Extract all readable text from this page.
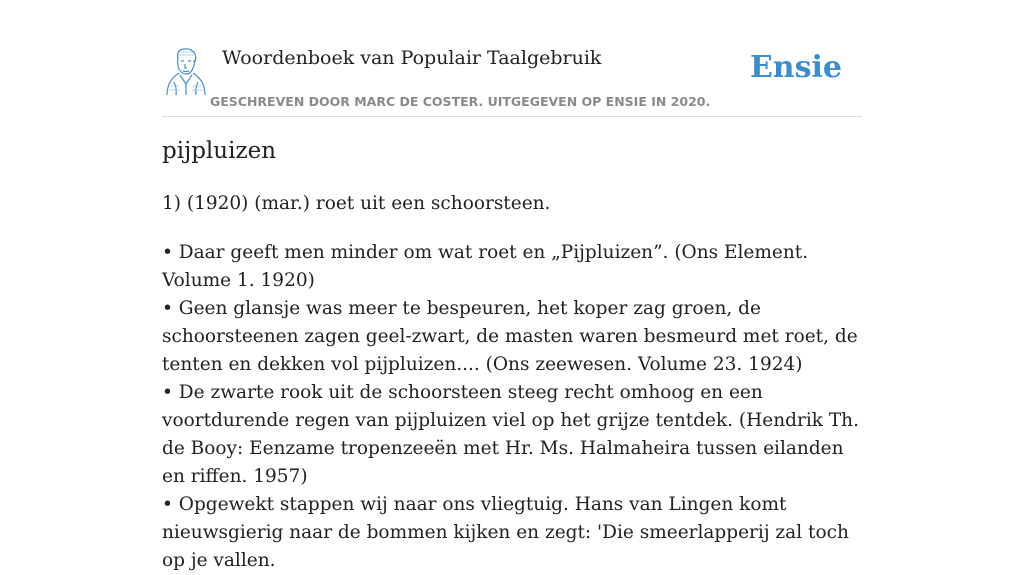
Woordenboek van Populair Taalgebruik
GESCHREVEN DOOR MARC DE COSTER. UITGEGEVEN OP ENSIE IN 2020.
Ensie
pijpluizen

1) (1920) (mar.) roet uit een schoorsteen.

• Daar geeft men minder om wat roet en „Pijpluizen”. (Ons Element. Volume 1. 1920)
• Geen glansje was meer te bespeuren, het koper zag groen, de schoorsteenen zagen geel-zwart, de masten waren besmeurd met roet, de tenten en dekken vol pijpluizen.... (Ons zeewesen. Volume 23. 1924)
• De zwarte rook uit de schoorsteen steeg recht omhoog en een voortdurende regen van pijpluizen viel op het grijze tentdek. (Hendrik Th. de Booy: Eenzame tropenzeeën met Hr. Ms. Halmaheira tussen eilanden en riffen. 1957)
• Opgewekt stappen wij naar ons vliegtuig. Hans van Lingen komt nieuwsgierig naar de bommen kijken en zegt: 'Die smeerlapperij zal toch op je vallen.
